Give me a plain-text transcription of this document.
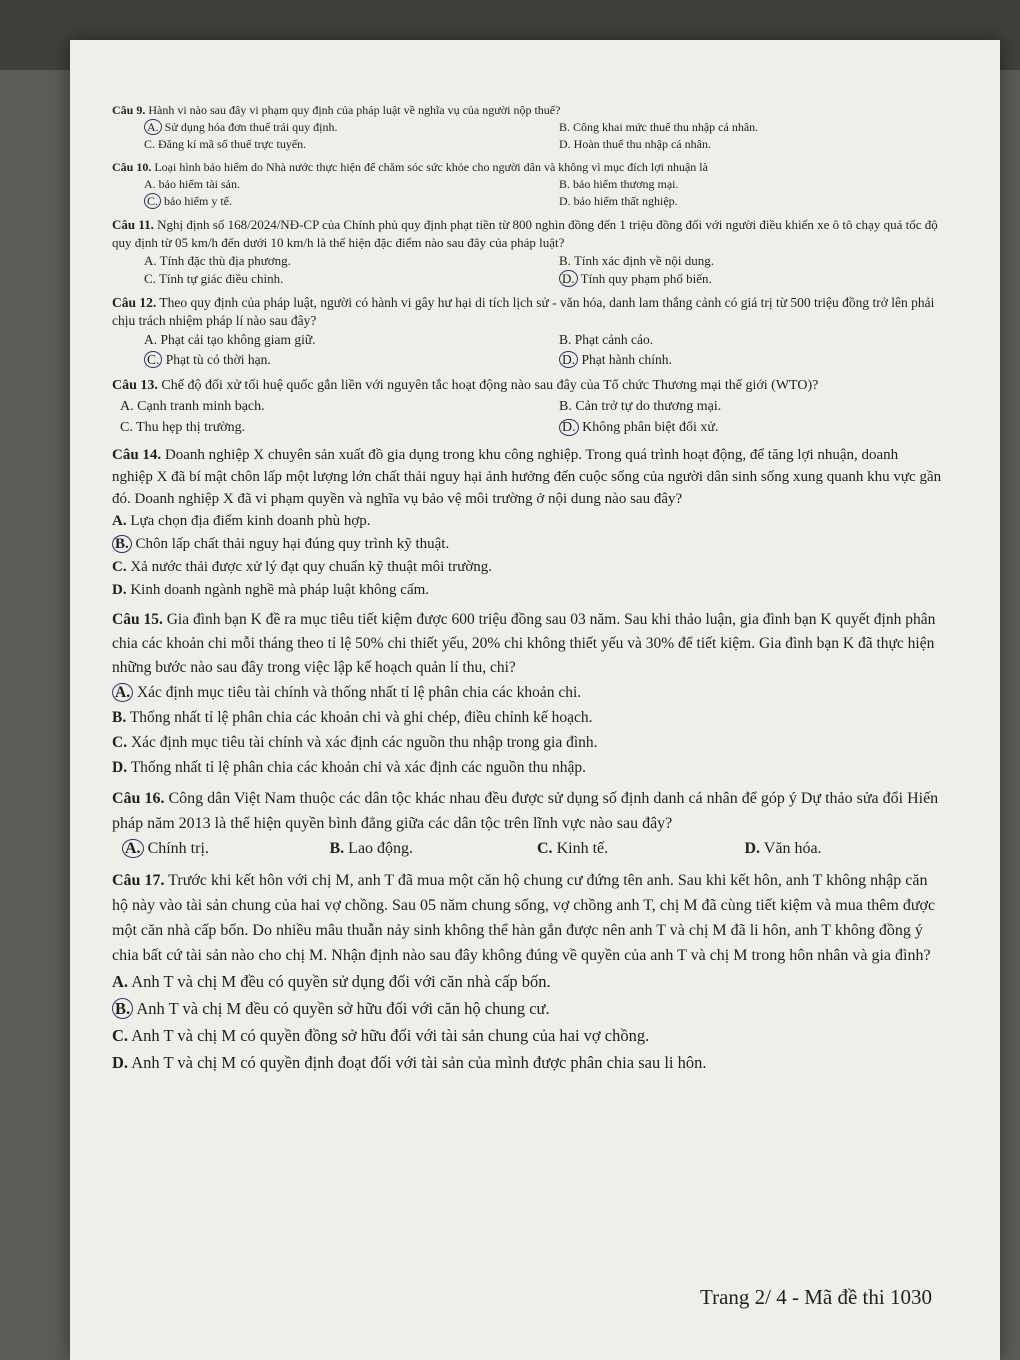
Câu 9. Hành vi nào sau đây vi phạm quy định của pháp luật về nghĩa vụ của người nộp thuế?
A. Sử dụng hóa đơn thuế trái quy định.	B. Công khai mức thuế thu nhập cá nhân.
C. Đăng kí mã số thuế trực tuyến.	D. Hoàn thuế thu nhập cá nhân.
Câu 10. Loại hình bảo hiểm do Nhà nước thực hiện để chăm sóc sức khỏe cho người dân và không vì mục đích lợi nhuận là
A. bảo hiểm tài sản.	B. bảo hiểm thương mại.
C. bảo hiểm y tế.	D. bảo hiểm thất nghiệp.
Câu 11. Nghị định số 168/2024/NĐ-CP của Chính phủ quy định phạt tiền từ 800 nghìn đồng đến 1 triệu đồng đối với người điều khiển xe ô tô chạy quá tốc độ quy định từ 05 km/h đến dưới 10 km/h là thể hiện đặc điểm nào sau đây của pháp luật?
A. Tính đặc thù địa phương.	B. Tính xác định về nội dung.
C. Tính tự giác điều chỉnh.	D. Tính quy phạm phổ biến.
Câu 12. Theo quy định của pháp luật, người có hành vi gây hư hại di tích lịch sử - văn hóa, danh lam thắng cảnh có giá trị từ 500 triệu đồng trở lên phải chịu trách nhiệm pháp lí nào sau đây?
A. Phạt cải tạo không giam giữ.	B. Phạt cảnh cáo.
C. Phạt tù có thời hạn.	D. Phạt hành chính.
Câu 13. Chế độ đối xử tối huệ quốc gắn liền với nguyên tắc hoạt động nào sau đây của Tổ chức Thương mại thế giới (WTO)?
A. Cạnh tranh minh bạch.	B. Cản trở tự do thương mại.
C. Thu hẹp thị trường.	D. Không phân biệt đối xử.
Câu 14. Doanh nghiệp X chuyên sản xuất đồ gia dụng trong khu công nghiệp. Trong quá trình hoạt động, để tăng lợi nhuận, doanh nghiệp X đã bí mật chôn lấp một lượng lớn chất thải nguy hại ảnh hưởng đến cuộc sống của người dân sinh sống xung quanh khu vực gần đó. Doanh nghiệp X đã vi phạm quyền và nghĩa vụ bảo vệ môi trường ở nội dung nào sau đây?
A. Lựa chọn địa điểm kinh doanh phù hợp.
B. Chôn lấp chất thải nguy hại đúng quy trình kỹ thuật.
C. Xả nước thải được xử lý đạt quy chuẩn kỹ thuật môi trường.
D. Kinh doanh ngành nghề mà pháp luật không cấm.
Câu 15. Gia đình bạn K đề ra mục tiêu tiết kiệm được 600 triệu đồng sau 03 năm. Sau khi thảo luận, gia đình bạn K quyết định phân chia các khoản chi mỗi tháng theo tỉ lệ 50% chi thiết yếu, 20% chi không thiết yếu và 30% để tiết kiệm. Gia đình bạn K đã thực hiện những bước nào sau đây trong việc lập kế hoạch quản lí thu, chi?
A. Xác định mục tiêu tài chính và thống nhất tỉ lệ phân chia các khoản chi.
B. Thống nhất tỉ lệ phân chia các khoản chi và ghi chép, điều chỉnh kế hoạch.
C. Xác định mục tiêu tài chính và xác định các nguồn thu nhập trong gia đình.
D. Thống nhất tỉ lệ phân chia các khoản chi và xác định các nguồn thu nhập.
Câu 16. Công dân Việt Nam thuộc các dân tộc khác nhau đều được sử dụng số định danh cá nhân để góp ý Dự thảo sửa đổi Hiến pháp năm 2013 là thể hiện quyền bình đẳng giữa các dân tộc trên lĩnh vực nào sau đây?
A. Chính trị.	B. Lao động.	C. Kinh tế.	D. Văn hóa.
Câu 17. Trước khi kết hôn với chị M, anh T đã mua một căn hộ chung cư đứng tên anh. Sau khi kết hôn, anh T không nhập căn hộ này vào tài sản chung của hai vợ chồng. Sau 05 năm chung sống, vợ chồng anh T, chị M đã cùng tiết kiệm và mua thêm được một căn nhà cấp bốn. Do nhiều mâu thuẫn nảy sinh không thể hàn gắn được nên anh T và chị M đã li hôn, anh T không đồng ý chia bất cứ tài sản nào cho chị M. Nhận định nào sau đây không đúng về quyền của anh T và chị M trong hôn nhân và gia đình?
A. Anh T và chị M đều có quyền sử dụng đối với căn nhà cấp bốn.
B. Anh T và chị M đều có quyền sở hữu đối với căn hộ chung cư.
C. Anh T và chị M có quyền đồng sở hữu đối với tài sản chung của hai vợ chồng.
D. Anh T và chị M có quyền định đoạt đối với tài sản của mình được phân chia sau li hôn.
Trang 2/ 4 - Mã đề thi 1030
